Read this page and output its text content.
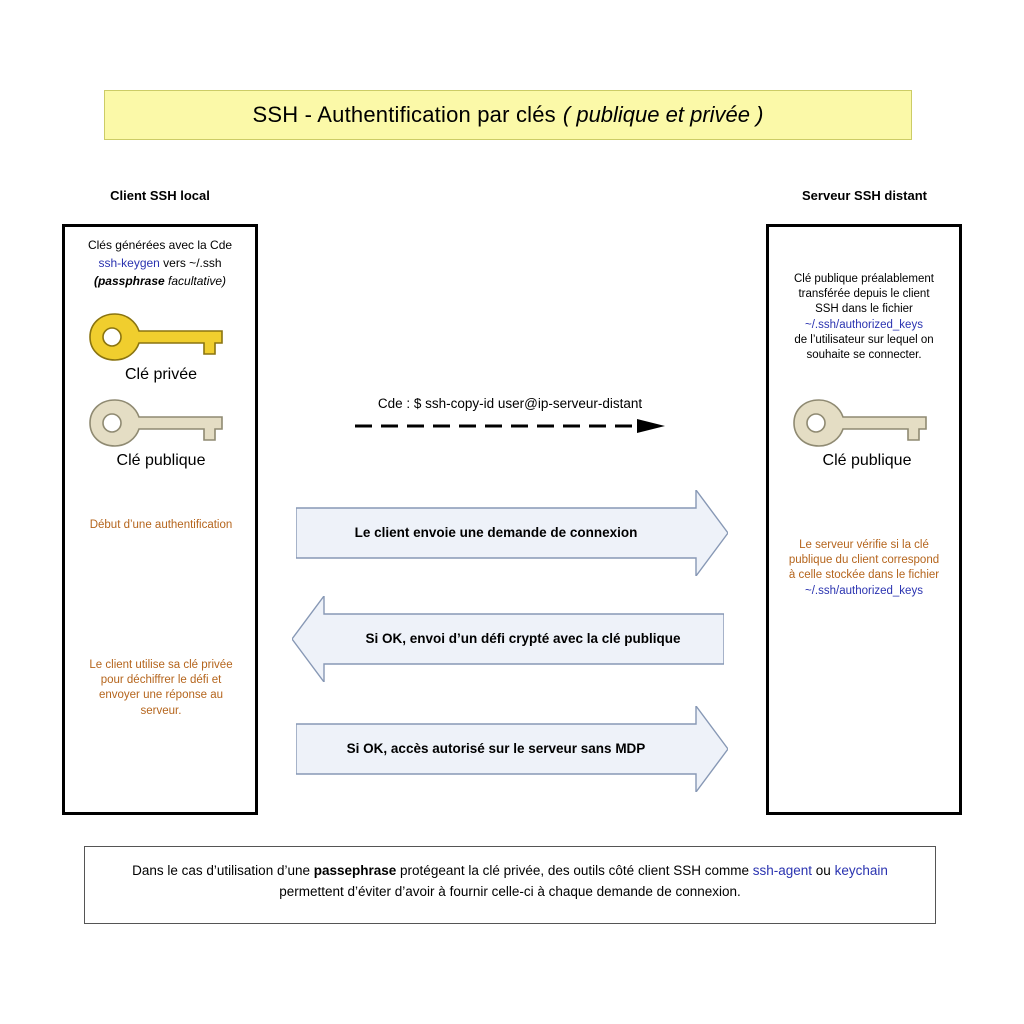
SSH - Authentification par clés ( publique et privée )
Client SSH local	Serveur SSH distant
Clés générées avec la Cde
ssh-keygen vers ~/.ssh
(passphrase facultative)
Clé privée
Clé publique
Début d’une authentification
Le client utilise sa clé privée
pour déchiffrer le défi et
envoyer une réponse au
serveur.
Clé publique préalablement
transférée depuis le client
SSH dans le fichier
~/.ssh/authorized_keys
de l’utilisateur sur lequel on
souhaite se connecter.
Clé publique
Le serveur vérifie si la clé
publique du client correspond
à celle stockée dans le fichier
~/.ssh/authorized_keys
Cde : $ ssh-copy-id user@ip-serveur-distant
Le client envoie une demande de connexion
Si OK, envoi d’un défi crypté avec la clé publique
Si OK, accès autorisé sur le serveur sans MDP
Dans le cas d’utilisation d’une passephrase protégeant la clé privée, des outils côté client SSH comme ssh-agent ou keychain permettent d’éviter d’avoir à fournir celle-ci à chaque demande de connexion.
